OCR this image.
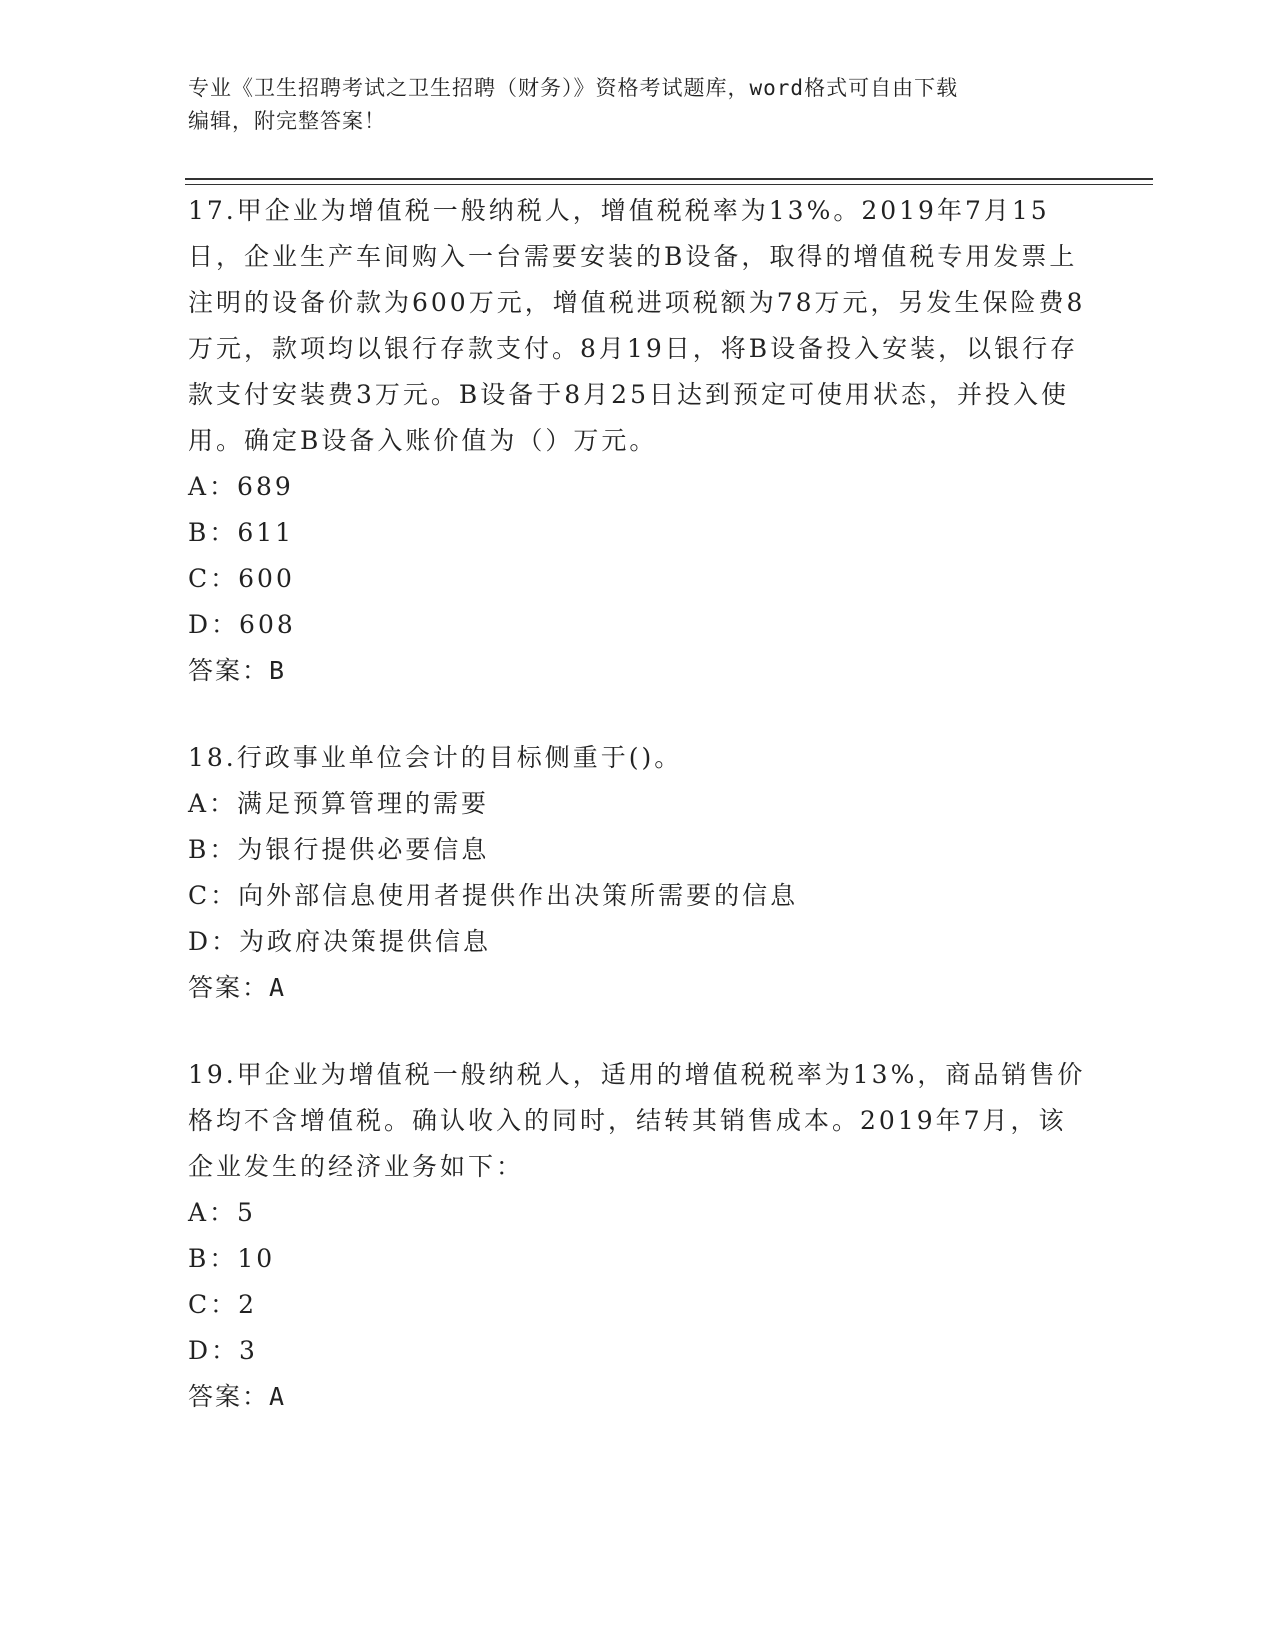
专业《卫生招聘考试之卫生招聘（财务）》资格考试题库，word格式可自由下载
编辑，附完整答案！

17.甲企业为增值税一般纳税人，增值税税率为13%。2019年7月15日，企业生产车间购入一台需要安装的B设备，取得的增值税专用发票上注明的设备价款为600万元，增值税进项税额为78万元，另发生保险费8万元，款项均以银行存款支付。8月19日，将B设备投入安装，以银行存款支付安装费3万元。B设备于8月25日达到预定可使用状态，并投入使用。确定B设备入账价值为（）万元。

A：689
B：611
C：600
D：608
答案：B

18.行政事业单位会计的目标侧重于()。

A：满足预算管理的需要
B：为银行提供必要信息
C：向外部信息使用者提供作出决策所需要的信息
D：为政府决策提供信息
答案：A

19.甲企业为增值税一般纳税人，适用的增值税税率为13%，商品销售价格均不含增值税。确认收入的同时，结转其销售成本。2019年7月，该企业发生的经济业务如下：

A：5
B：10
C：2
D：3
答案：A
